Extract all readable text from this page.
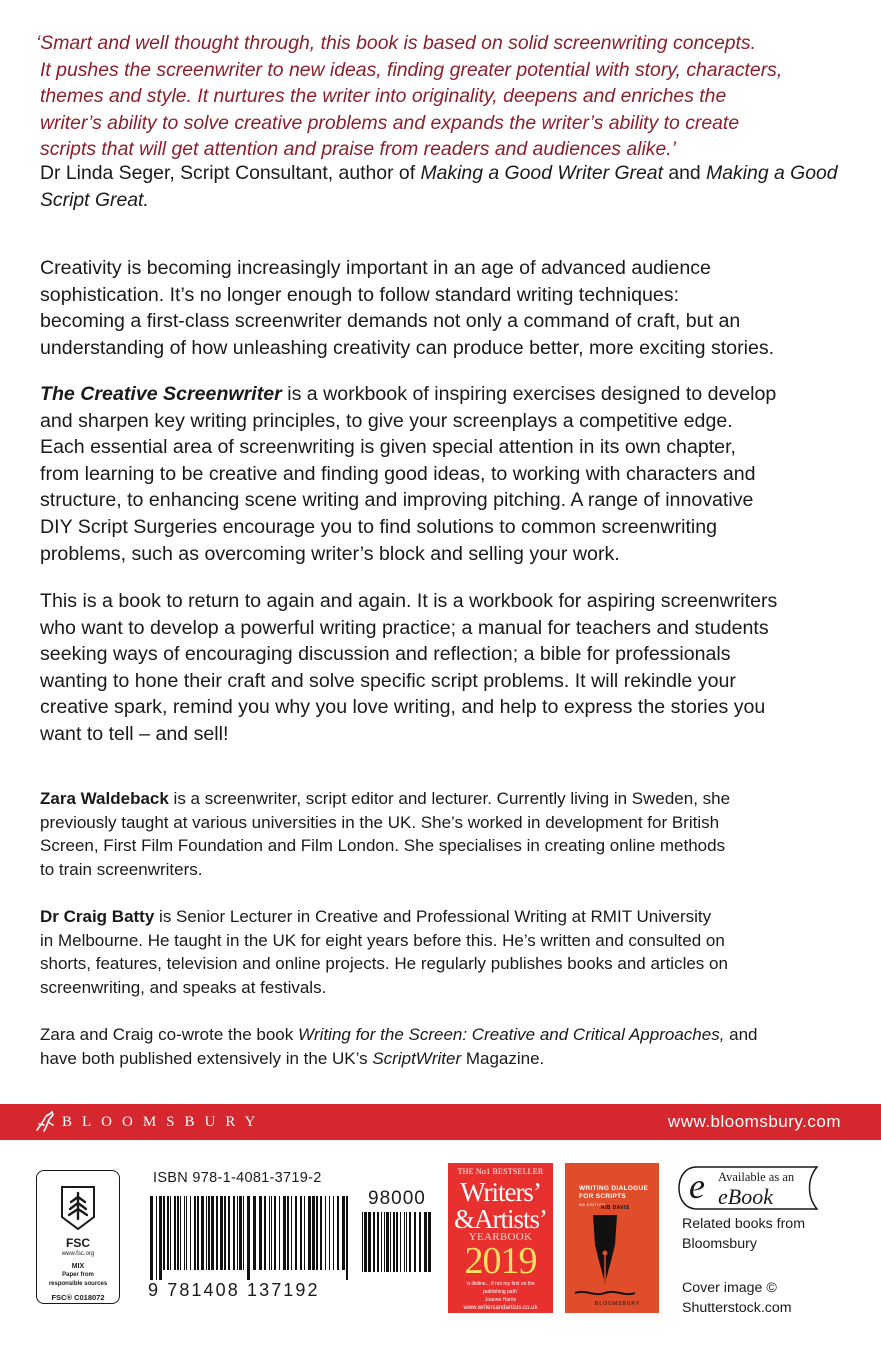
‘Smart and well thought through, this book is based on solid screenwriting concepts.
It pushes the screenwriter to new ideas, finding greater potential with story, characters,
themes and style. It nurtures the writer into originality, deepens and enriches the
writer’s ability to solve creative problems and expands the writer’s ability to create
scripts that will get attention and praise from readers and audiences alike.’
Dr Linda Seger, Script Consultant, author of Making a Good Writer Great and Making a Good Script Great.
Creativity is becoming increasingly important in an age of advanced audience
sophistication. It’s no longer enough to follow standard writing techniques:
becoming a first-class screenwriter demands not only a command of craft, but an
understanding of how unleashing creativity can produce better, more exciting stories.
The Creative Screenwriter is a workbook of inspiring exercises designed to develop
and sharpen key writing principles, to give your screenplays a competitive edge.
Each essential area of screenwriting is given special attention in its own chapter,
from learning to be creative and finding good ideas, to working with characters and
structure, to enhancing scene writing and improving pitching. A range of innovative
DIY Script Surgeries encourage you to find solutions to common screenwriting
problems, such as overcoming writer’s block and selling your work.
This is a book to return to again and again. It is a workbook for aspiring screenwriters
who want to develop a powerful writing practice; a manual for teachers and students
seeking ways of encouraging discussion and reflection; a bible for professionals
wanting to hone their craft and solve specific script problems. It will rekindle your
creative spark, remind you why you love writing, and help to express the stories you
want to tell – and sell!
Zara Waldeback is a screenwriter, script editor and lecturer. Currently living in Sweden, she
previously taught at various universities in the UK. She’s worked in development for British
Screen, First Film Foundation and Film London. She specialises in creating online methods
to train screenwriters.
Dr Craig Batty is Senior Lecturer in Creative and Professional Writing at RMIT University
in Melbourne. He taught in the UK for eight years before this. He’s written and consulted on
shorts, features, television and online projects. He regularly publishes books and articles on
screenwriting, and speaks at festivals.
Zara and Craig co-wrote the book Writing for the Screen: Creative and Critical Approaches, and
have both published extensively in the UK’s ScriptWriter Magazine.
BLOOMSBURY	www.bloomsbury.com
FSC
www.fsc.org
MIX
Paper from
responsible sources
FSC® C018072
ISBN 978-1-4081-3719-2
98000
9 781408 137192
THE No1 BESTSELLER
Writers’
&Artists’
YEARBOOK
2019
‘a lifeline... if not my first on the
publishing path’
Joanne Harris
www.writersandartists.co.uk
WRITING DIALOGUE
FOR SCRIPTS
4th EDITION
RIB DAVIS
BLOOMSBURY
e Available as an
eBook
Related books from
Bloomsbury
Cover image ©
Shutterstock.com
